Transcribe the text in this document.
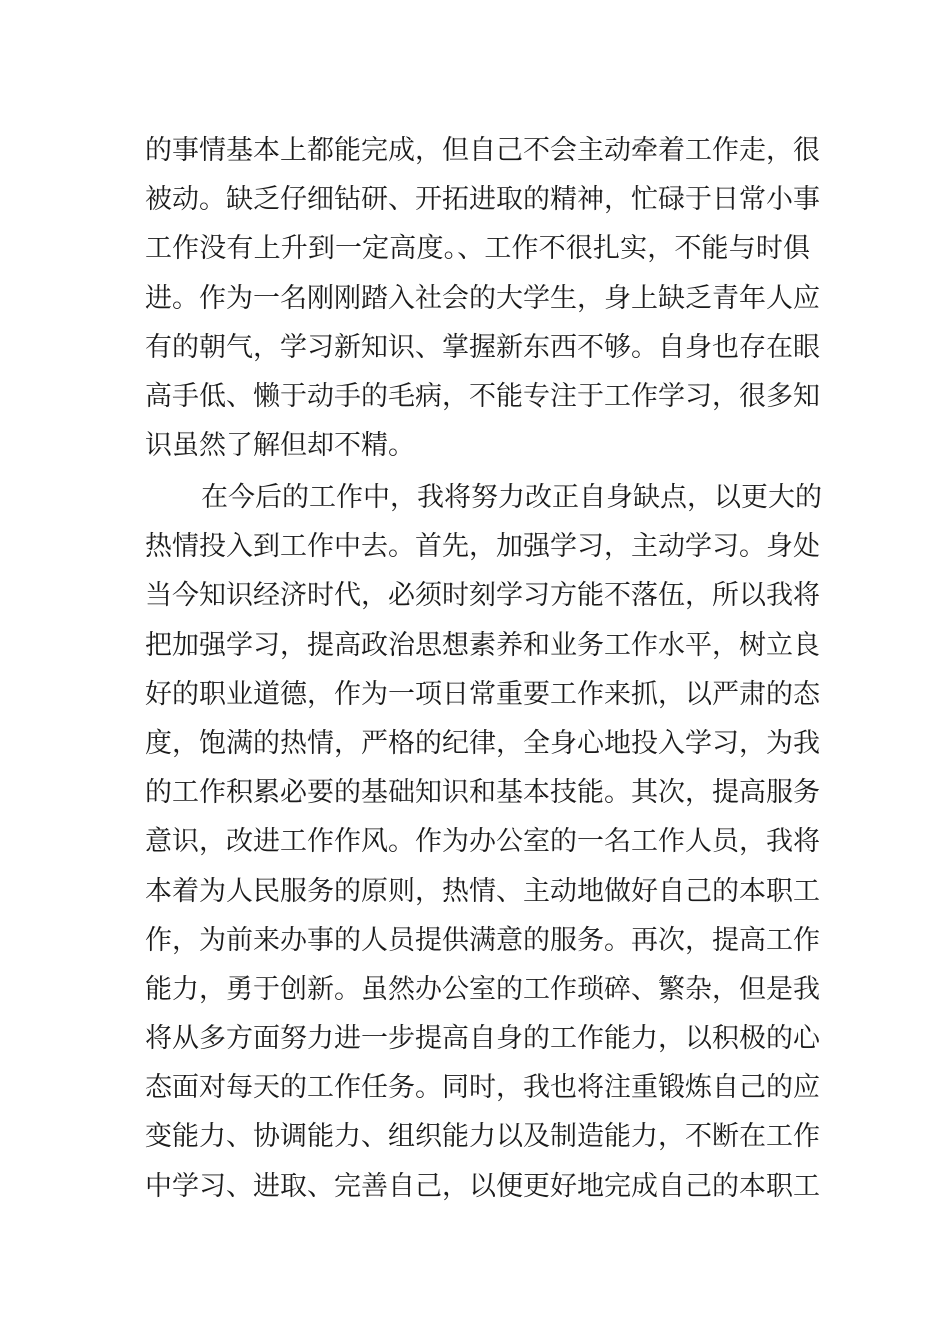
的事情基本上都能完成，但自己不会主动牵着工作走，很
被动。缺乏仔细钻研、开拓进取的精神，忙碌于日常小事
工作没有上升到一定高度。、工作不很扎实，不能与时俱
进。作为一名刚刚踏入社会的大学生，身上缺乏青年人应
有的朝气，学习新知识、掌握新东西不够。自身也存在眼
高手低、懒于动手的毛病，不能专注于工作学习，很多知
识虽然了解但却不精。
在今后的工作中，我将努力改正自身缺点，以更大的
热情投入到工作中去。首先，加强学习，主动学习。身处
当今知识经济时代，必须时刻学习方能不落伍，所以我将
把加强学习，提高政治思想素养和业务工作水平，树立良
好的职业道德，作为一项日常重要工作来抓，以严肃的态
度，饱满的热情，严格的纪律，全身心地投入学习，为我
的工作积累必要的基础知识和基本技能。其次，提高服务
意识，改进工作作风。作为办公室的一名工作人员，我将
本着为人民服务的原则，热情、主动地做好自己的本职工
作，为前来办事的人员提供满意的服务。再次，提高工作
能力，勇于创新。虽然办公室的工作琐碎、繁杂，但是我
将从多方面努力进一步提高自身的工作能力，以积极的心
态面对每天的工作任务。同时，我也将注重锻炼自己的应
变能力、协调能力、组织能力以及制造能力，不断在工作
中学习、进取、完善自己，以便更好地完成自己的本职工
